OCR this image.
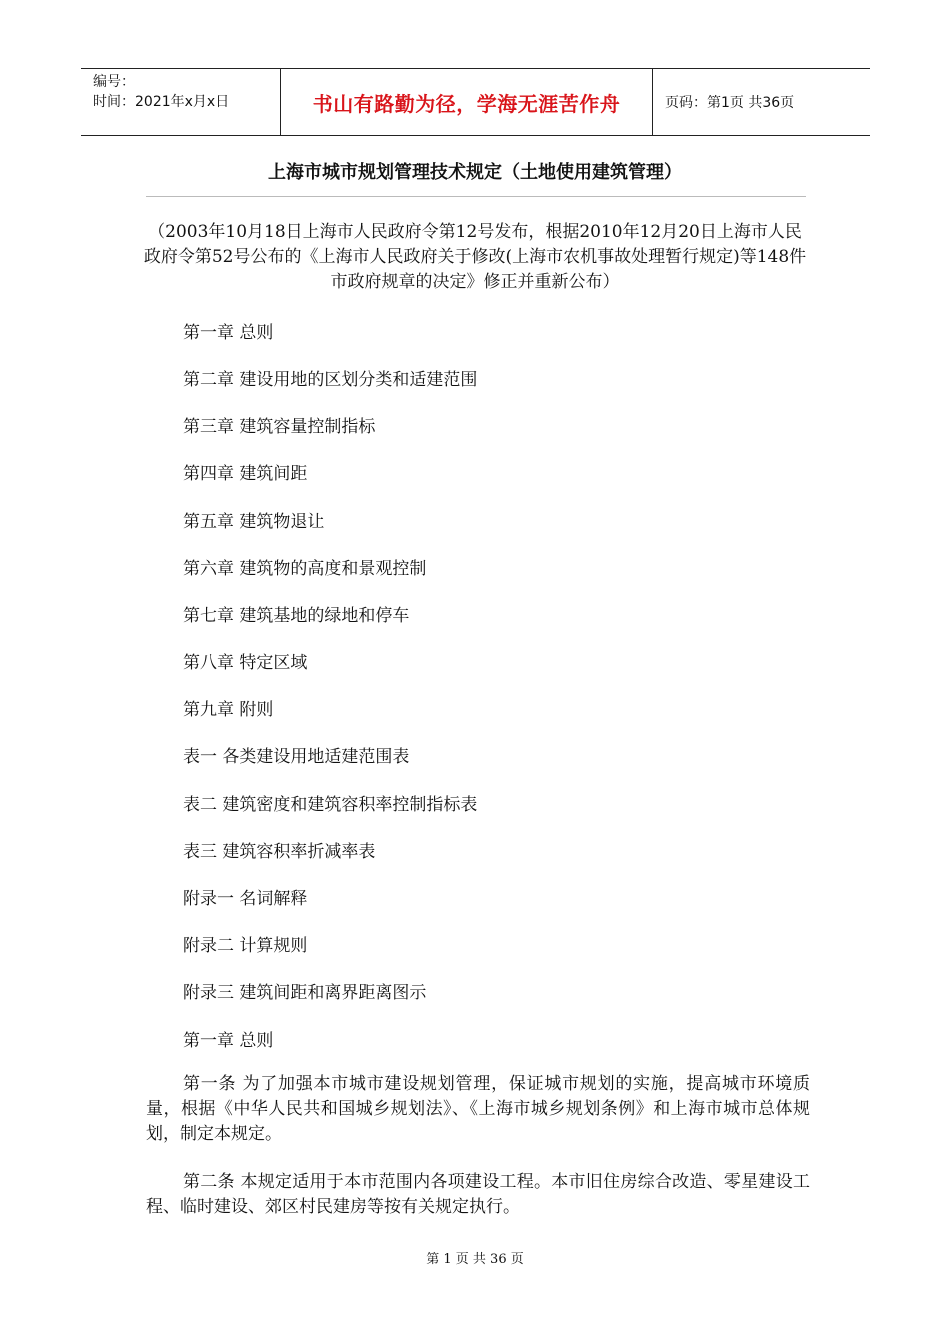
编号：
时间：2021年x月x日	书山有路勤为径，学海无涯苦作舟	页码：第1页 共36页
上海市城市规划管理技术规定（土地使用建筑管理）
（2003年10月18日上海市人民政府令第12号发布，根据2010年12月20日上海市人民政府令第52号公布的《上海市人民政府关于修改(上海市农机事故处理暂行规定)等148件市政府规章的决定》修正并重新公布）
第一章 总则
第二章 建设用地的区划分类和适建范围
第三章 建筑容量控制指标
第四章 建筑间距
第五章 建筑物退让
第六章 建筑物的高度和景观控制
第七章 建筑基地的绿地和停车
第八章 特定区域
第九章 附则
表一 各类建设用地适建范围表
表二 建筑密度和建筑容积率控制指标表
表三 建筑容积率折减率表
附录一 名词解释
附录二 计算规则
附录三 建筑间距和离界距离图示
第一章 总则
第一条 为了加强本市城市建设规划管理，保证城市规划的实施，提高城市环境质量，根据《中华人民共和国城乡规划法》、《上海市城乡规划条例》和上海市城市总体规划，制定本规定。
第二条 本规定适用于本市范围内各项建设工程。本市旧住房综合改造、零星建设工程、临时建设、郊区村民建房等按有关规定执行。
第 1 页 共 36 页
